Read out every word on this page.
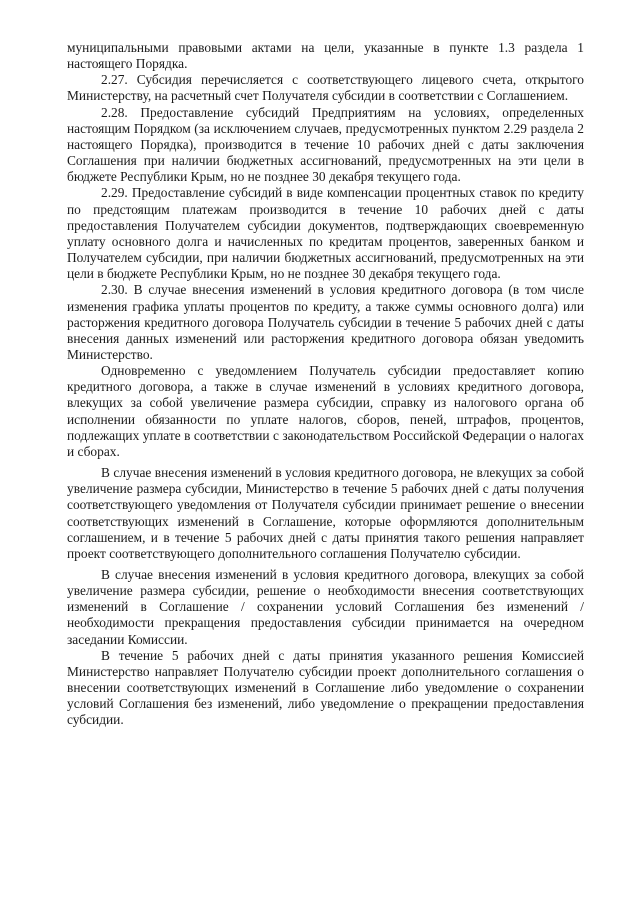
муниципальными правовыми актами на цели, указанные в пункте 1.3 раздела 1 настоящего Порядка.

2.27. Субсидия перечисляется с соответствующего лицевого счета, открытого Министерству, на расчетный счет Получателя субсидии в соответствии с Соглашением.

2.28. Предоставление субсидий Предприятиям на условиях, определенных настоящим Порядком (за исключением случаев, предусмотренных пунктом 2.29 раздела 2 настоящего Порядка), производится в течение 10 рабочих дней с даты заключения Соглашения при наличии бюджетных ассигнований, предусмотренных на эти цели в бюджете Республики Крым, но не позднее 30 декабря текущего года.

2.29. Предоставление субсидий в виде компенсации процентных ставок по кредиту по предстоящим платежам производится в течение 10 рабочих дней с даты предоставления Получателем субсидии документов, подтверждающих своевременную уплату основного долга и начисленных по кредитам процентов, заверенных банком и Получателем субсидии, при наличии бюджетных ассигнований, предусмотренных на эти цели в бюджете Республики Крым, но не позднее 30 декабря текущего года.

2.30. В случае внесения изменений в условия кредитного договора (в том числе изменения графика уплаты процентов по кредиту, а также суммы основного долга) или расторжения кредитного договора Получатель субсидии в течение 5 рабочих дней с даты внесения данных изменений или расторжения кредитного договора обязан уведомить Министерство.

Одновременно с уведомлением Получатель субсидии предоставляет копию кредитного договора, а также в случае изменений в условиях кредитного договора, влекущих за собой увеличение размера субсидии, справку из налогового органа об исполнении обязанности по уплате налогов, сборов, пеней, штрафов, процентов, подлежащих уплате в соответствии с законодательством Российской Федерации о налогах и сборах.

В случае внесения изменений в условия кредитного договора, не влекущих за собой увеличение размера субсидии, Министерство в течение 5 рабочих дней с даты получения соответствующего уведомления от Получателя субсидии принимает решение о внесении соответствующих изменений в Соглашение, которые оформляются дополнительным соглашением, и в течение 5 рабочих дней с даты принятия такого решения направляет проект соответствующего дополнительного соглашения Получателю субсидии.

В случае внесения изменений в условия кредитного договора, влекущих за собой увеличение размера субсидии, решение о необходимости внесения соответствующих изменений в Соглашение / сохранении условий Соглашения без изменений / необходимости прекращения предоставления субсидии принимается на очередном заседании Комиссии.

В течение 5 рабочих дней с даты принятия указанного решения Комиссией Министерство направляет Получателю субсидии проект дополнительного соглашения о внесении соответствующих изменений в Соглашение либо уведомление о сохранении условий Соглашения без изменений, либо уведомление о прекращении предоставления субсидии.
